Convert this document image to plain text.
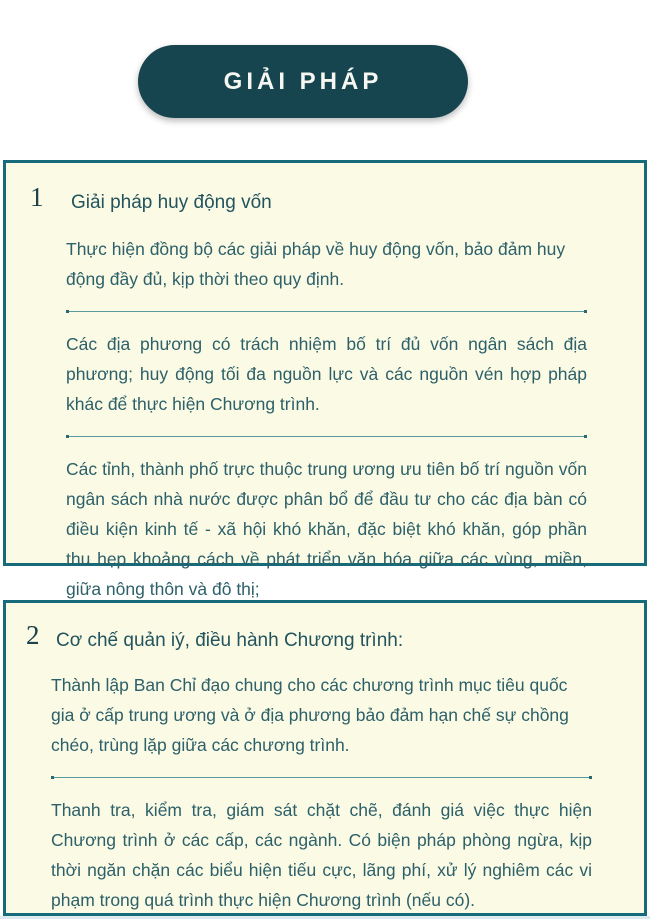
GIẢI PHÁP
1 Giải pháp huy động vốn
Thực hiện đồng bộ các giải pháp về huy động vốn, bảo đảm huy động đầy đủ, kịp thời theo quy định.
Các địa phương có trách nhiệm bố trí đủ vốn ngân sách địa phương; huy động tối đa nguồn lực và các nguồn vén hợp pháp khác để thực hiện Chương trình.
Các tỉnh, thành phố trực thuộc trung ương ưu tiên bố trí nguồn vốn ngân sách nhà nước được phân bổ để đầu tư cho các địa bàn có điều kiện kinh tế - xã hội khó khăn, đặc biệt khó khăn, góp phần thu hẹp khoảng cách về phát triển văn hóa giữa các vùng, miền, giữa nông thôn và đô thị;
2 Cơ chế quản iý, điều hành Chương trình:
Thành lập Ban Chỉ đạo chung cho các chương trình mục tiêu quốc gia ở cấp trung ương và ở địa phương bảo đảm hạn chế sự chồng chéo, trùng lặp giữa các chương trình.
Thanh tra, kiểm tra, giám sát chặt chẽ, đánh giá việc thực hiện Chương trình ở các cấp, các ngành. Có biện pháp phòng ngừa, kịp thời ngăn chặn các biểu hiện tiếu cực, lãng phí, xử lý nghiêm các vi phạm trong quá trình thực hiện Chương trình (nếu có).
